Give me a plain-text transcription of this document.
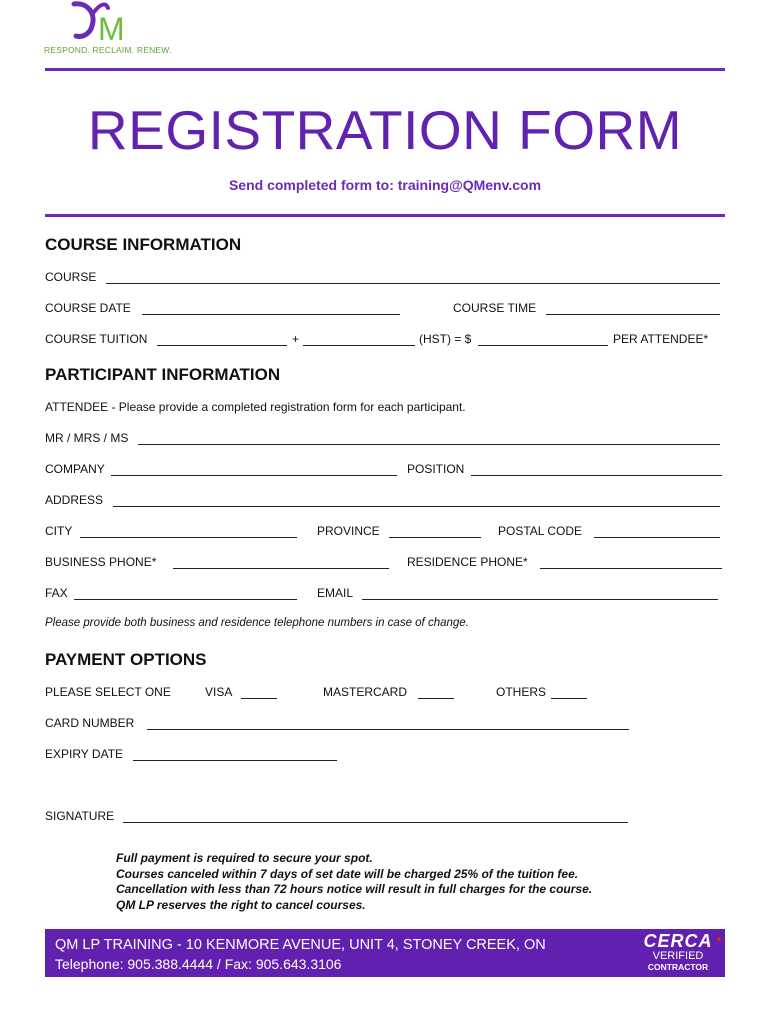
M
RESPOND. RECLAIM. RENEW.
REGISTRATION FORM
Send completed form to: training@QMenv.com
COURSE INFORMATION
COURSE
COURSE DATE	COURSE TIME
COURSE TUITION	+	(HST) = $	PER ATTENDEE*
PARTICIPANT INFORMATION
ATTENDEE - Please provide a completed registration form for each participant.
MR / MRS / MS
COMPANY	POSITION
ADDRESS
CITY	PROVINCE	POSTAL CODE
BUSINESS PHONE*	RESIDENCE PHONE*
FAX	EMAIL
Please provide both business and residence telephone numbers in case of change.
PAYMENT OPTIONS
PLEASE SELECT ONE	VISA	MASTERCARD	OTHERS
CARD NUMBER
EXPIRY DATE
SIGNATURE
Full payment is required to secure your spot.
Courses canceled within 7 days of set date will be charged 25% of the tuition fee.
Cancellation with less than 72 hours notice will result in full charges for the course.
QM LP reserves the right to cancel courses.
QM LP TRAINING - 10 KENMORE AVENUE, UNIT 4, STONEY CREEK, ON
Telephone: 905.388.4444 / Fax: 905.643.3106
CERCA
VERIFIED
CONTRACTOR
